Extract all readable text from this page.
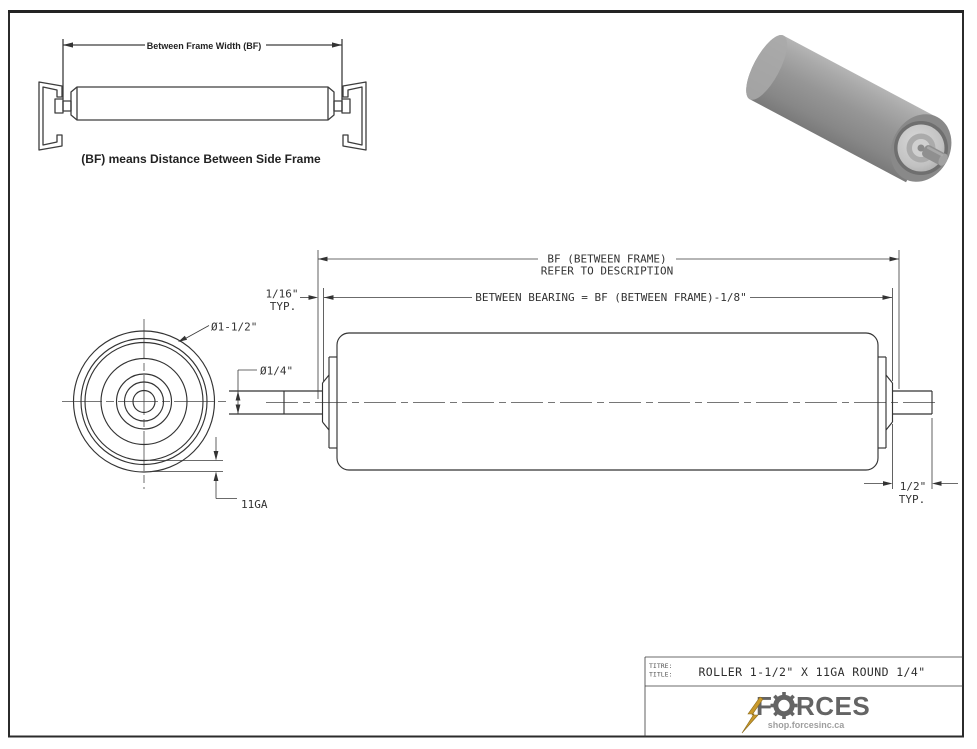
Between Frame Width (BF)
(BF) means Distance Between Side Frame
Ø1-1/2"
11GA
BF (BETWEEN FRAME)
REFER TO DESCRIPTION
BETWEEN BEARING = BF (BETWEEN FRAME)-1/8"
1/16"
TYP.
Ø1/4"
1/2"
TYP.
TITRE:
TITLE: ROLLER 1-1/2" X 11GA ROUND 1/4"
F RCES
shop.forcesinc.ca
